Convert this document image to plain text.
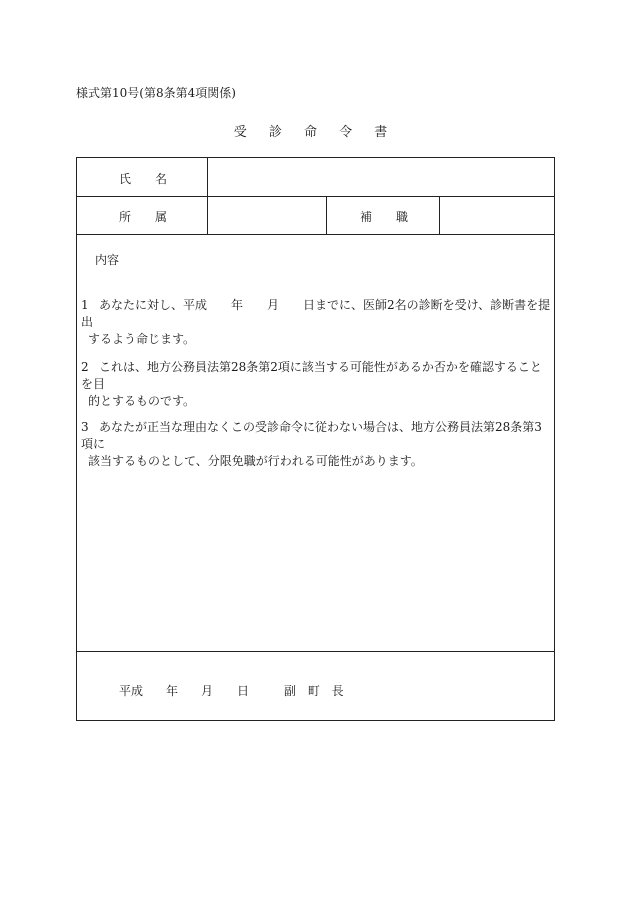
様式第10号(第8条第4項関係)
受 診 命 令 書
氏　　名
所　　属	補　　職
内容
1 あなたに対し、平成　　年　　月　　日までに、医師2名の診断を受け、診断書を提出
するよう命じます。
2 これは、地方公務員法第28条第2項に該当する可能性があるか否かを確認することを目
的とするものです。
3 あなたが正当な理由なくこの受診命令に従わない場合は、地方公務員法第28条第3項に
該当するものとして、分限免職が行われる可能性があります。
平成 年 月 日	副 町 長
